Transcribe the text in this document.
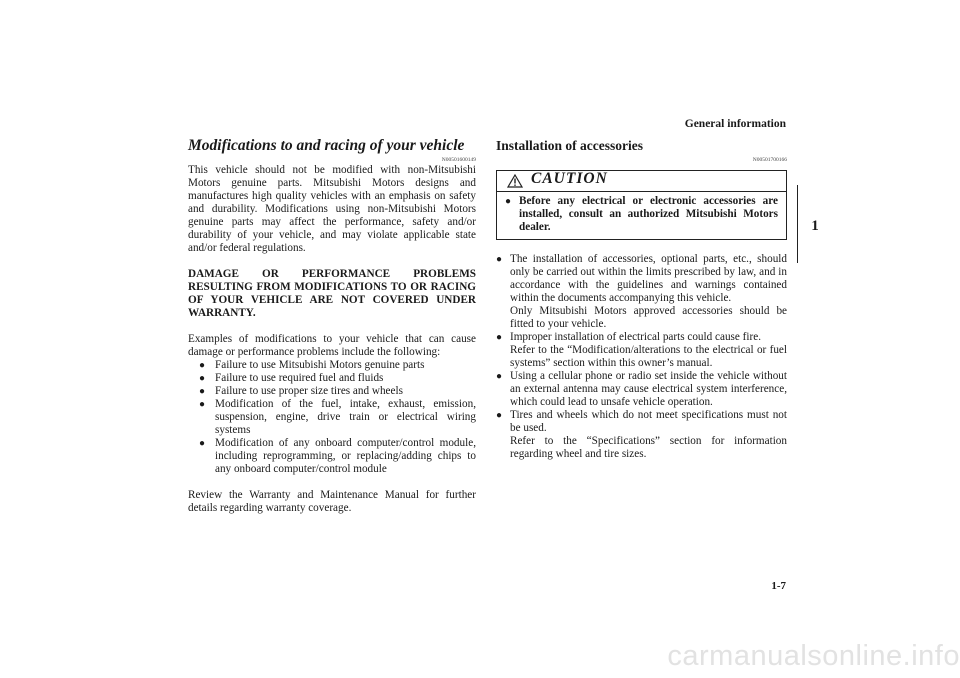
General information
1
Modifications to and racing of your vehicle
N00501600149

This vehicle should not be modified with non-Mitsubishi Motors genuine parts. Mitsubishi Motors designs and manufactures high quality vehicles with an emphasis on safety and durability. Modifications using non-Mitsubishi Motors genuine parts may affect the performance, safety and/or durability of your vehicle, and may violate applicable state and/or federal regulations.

DAMAGE OR PERFORMANCE PROBLEMS RESULTING FROM MODIFICATIONS TO OR RACING OF YOUR VEHICLE ARE NOT COVERED UNDER WARRANTY.

Examples of modifications to your vehicle that can cause damage or performance problems include the following:

● Failure to use Mitsubishi Motors genuine parts
● Failure to use required fuel and fluids
● Failure to use proper size tires and wheels
● Modification of the fuel, intake, exhaust, emission, suspension, engine, drive train or electrical wiring systems
● Modification of any onboard computer/control module, including reprogramming, or replacing/adding chips to any onboard computer/control module

Review the Warranty and Maintenance Manual for further details regarding warranty coverage.

Installation of accessories
N00501700166
CAUTION
● Before any electrical or electronic accessories are installed, consult an authorized Mitsubishi Motors dealer.
● The installation of accessories, optional parts, etc., should only be carried out within the limits prescribed by law, and in accordance with the guidelines and warnings contained within the documents accompanying this vehicle.
Only Mitsubishi Motors approved accessories should be fitted to your vehicle.
● Improper installation of electrical parts could cause fire.
Refer to the “Modification/alterations to the electrical or fuel systems” section within this owner’s manual.
● Using a cellular phone or radio set inside the vehicle without an external antenna may cause electrical system interference, which could lead to unsafe vehicle operation.
● Tires and wheels which do not meet specifications must not be used.
Refer to the “Specifications” section for information regarding wheel and tire sizes.
1-7
carmanualsonline.info
